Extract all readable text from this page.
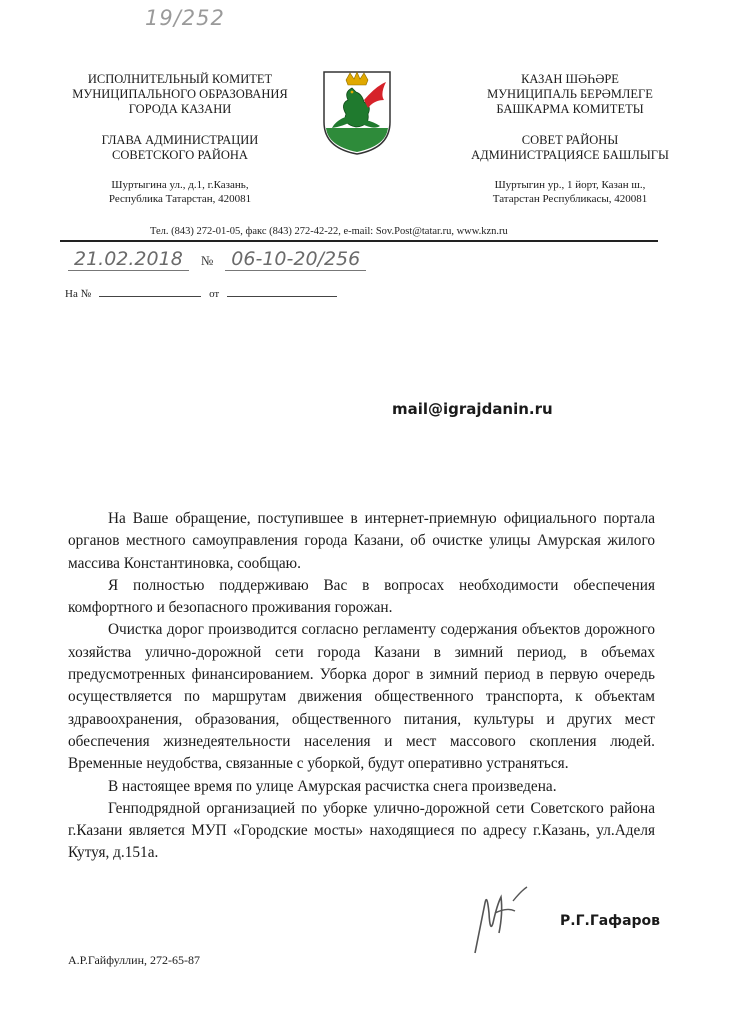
19/252
ИСПОЛНИТЕЛЬНЫЙ КОМИТЕТ
МУНИЦИПАЛЬНОГО ОБРАЗОВАНИЯ
ГОРОДА КАЗАНИ
ГЛАВА АДМИНИСТРАЦИИ
СОВЕТСКОГО РАЙОНА
Шуртыгина ул., д.1, г.Казань,
Республика Татарстан, 420081
КАЗАН ШӘҺӘРЕ
МУНИЦИПАЛЬ БЕРӘМЛЕГЕ
БАШКАРМА КОМИТЕТЫ
СОВЕТ РАЙОНЫ
АДМИНИСТРАЦИЯСЕ БАШЛЫГЫ
Шуртыгин ур., 1 йорт, Казан ш.,
Татарстан Республикасы, 420081
Тел. (843) 272-01-05, факс (843) 272-42-22, e-mail: Sov.Post@tatar.ru, www.kzn.ru
21.02.2018 № 06-10-20/256
На №	от
mail@igrajdanin.ru

На Ваше обращение, поступившее в интернет-приемную официального портала органов местного самоуправления города Казани, об очистке улицы Амурская жилого массива Константиновка, сообщаю.

Я полностью поддерживаю Вас в вопросах необходимости обеспечения комфортного и безопасного проживания горожан.

Очистка дорог производится согласно регламенту содержания объектов дорожного хозяйства улично-дорожной сети города Казани в зимний период, в объемах предусмотренных финансированием. Уборка дорог в зимний период в первую очередь осуществляется по маршрутам движения общественного транспорта, к объектам здравоохранения, образования, общественного питания, культуры и других мест обеспечения жизнедеятельности населения и мест массового скопления людей. Временные неудобства, связанные с уборкой, будут оперативно устраняться.

В настоящее время по улице Амурская расчистка снега произведена.

Генподрядной организацией по уборке улично-дорожной сети Советского района г.Казани является МУП «Городские мосты» находящиеся по адресу г.Казань, ул.Аделя Кутуя, д.151а.

Р.Г.Гафаров
А.Р.Гайфуллин, 272-65-87
